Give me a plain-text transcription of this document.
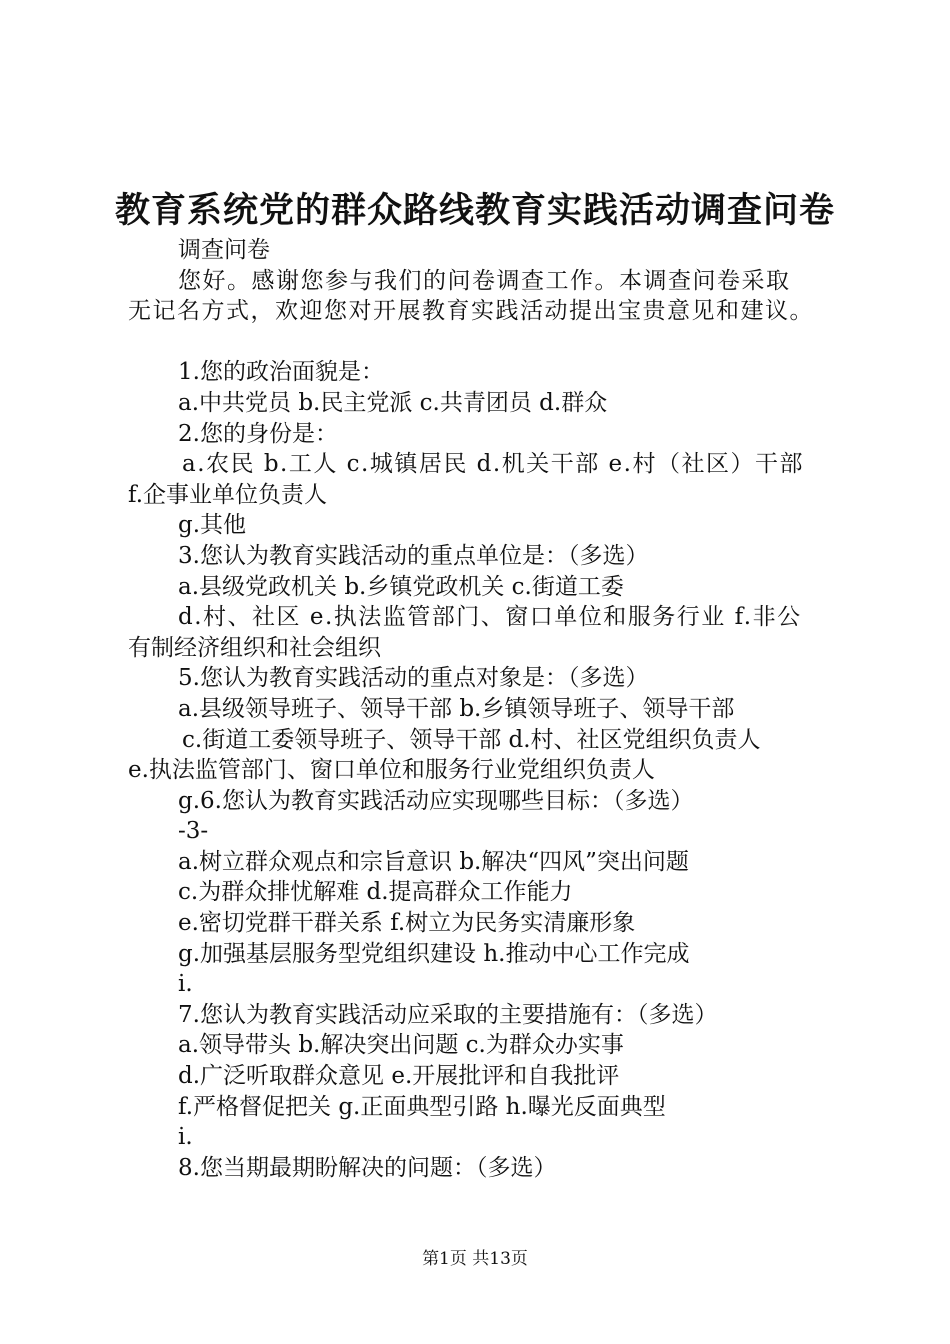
教育系统党的群众路线教育实践活动调查问卷
调查问卷
您好。感谢您参与我们的问卷调查工作。本调查问卷采取
无记名方式，欢迎您对开展教育实践活动提出宝贵意见和建议。
1.您的政治面貌是：
a.中共党员 b.民主党派 c.共青团员 d.群众
2.您的身份是：
a.农民 b.工人 c.城镇居民 d.机关干部 e.村（社区）干部
f.企事业单位负责人
g.其他
3.您认为教育实践活动的重点单位是：（多选）
a.县级党政机关 b.乡镇党政机关 c.街道工委
d.村、社区 e.执法监管部门、窗口单位和服务行业 f.非公
有制经济组织和社会组织
5.您认为教育实践活动的重点对象是：（多选）
a.县级领导班子、领导干部 b.乡镇领导班子、领导干部
c.街道工委领导班子、领导干部 d.村、社区党组织负责人
e.执法监管部门、窗口单位和服务行业党组织负责人
g.6.您认为教育实践活动应实现哪些目标：（多选）
-3-
a.树立群众观点和宗旨意识 b.解决“四风”突出问题
c.为群众排忧解难 d.提高群众工作能力
e.密切党群干群关系 f.树立为民务实清廉形象
g.加强基层服务型党组织建设 h.推动中心工作完成
i.
7.您认为教育实践活动应采取的主要措施有：（多选）
a.领导带头 b.解决突出问题 c.为群众办实事
d.广泛听取群众意见 e.开展批评和自我批评
f.严格督促把关 g.正面典型引路 h.曝光反面典型
i.
8.您当期最期盼解决的问题：（多选）
第1页 共13页
